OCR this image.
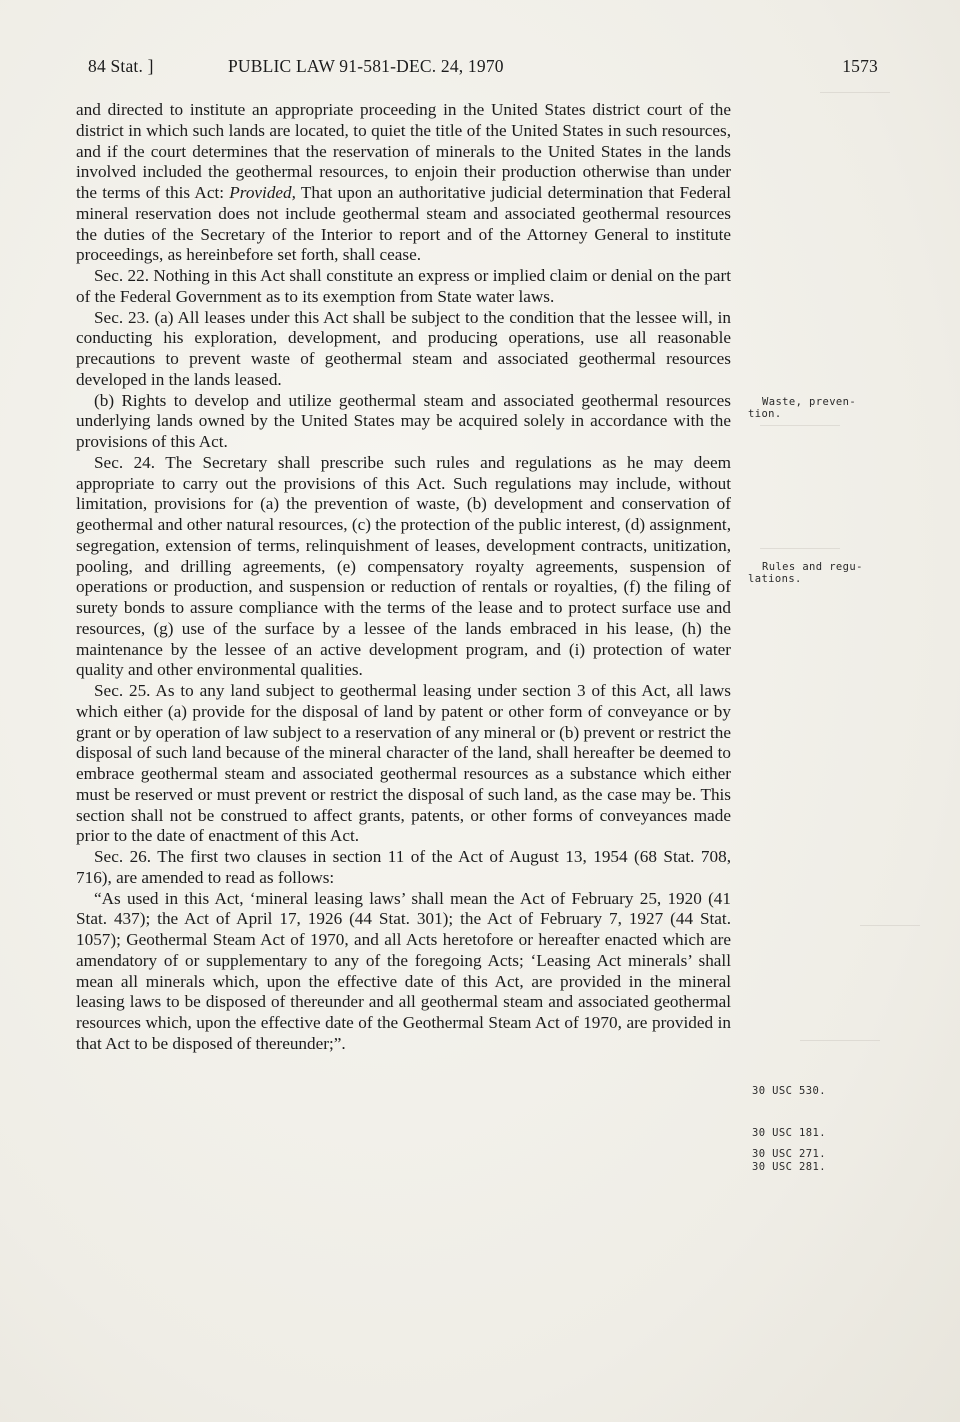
84 Stat. ]	PUBLIC LAW 91-581-DEC. 24, 1970	1573

and directed to institute an appropriate proceeding in the United States district court of the district in which such lands are located, to quiet the title of the United States in such resources, and if the court determines that the reservation of minerals to the United States in the lands involved included the geothermal resources, to enjoin their production otherwise than under the terms of this Act: Provided, That upon an authoritative judicial determination that Federal mineral reservation does not include geothermal steam and associated geothermal resources the duties of the Secretary of the Interior to report and of the Attorney General to institute proceedings, as hereinbefore set forth, shall cease.

Sec. 22. Nothing in this Act shall constitute an express or implied claim or denial on the part of the Federal Government as to its exemption from State water laws.

Sec. 23. (a) All leases under this Act shall be subject to the condition that the lessee will, in conducting his exploration, development, and producing operations, use all reasonable precautions to prevent waste of geothermal steam and associated geothermal resources developed in the lands leased.

(b) Rights to develop and utilize geothermal steam and associated geothermal resources underlying lands owned by the United States may be acquired solely in accordance with the provisions of this Act.

Sec. 24. The Secretary shall prescribe such rules and regulations as he may deem appropriate to carry out the provisions of this Act. Such regulations may include, without limitation, provisions for (a) the prevention of waste, (b) development and conservation of geothermal and other natural resources, (c) the protection of the public interest, (d) assignment, segregation, extension of terms, relinquishment of leases, development contracts, unitization, pooling, and drilling agreements, (e) compensatory royalty agreements, suspension of operations or production, and suspension or reduction of rentals or royalties, (f) the filing of surety bonds to assure compliance with the terms of the lease and to protect surface use and resources, (g) use of the surface by a lessee of the lands embraced in his lease, (h) the maintenance by the lessee of an active development program, and (i) protection of water quality and other environmental qualities.

Sec. 25. As to any land subject to geothermal leasing under section 3 of this Act, all laws which either (a) provide for the disposal of land by patent or other form of conveyance or by grant or by operation of law subject to a reservation of any mineral or (b) prevent or restrict the disposal of such land because of the mineral character of the land, shall hereafter be deemed to embrace geothermal steam and associated geothermal resources as a substance which either must be reserved or must prevent or restrict the disposal of such land, as the case may be. This section shall not be construed to affect grants, patents, or other forms of conveyances made prior to the date of enactment of this Act.

Sec. 26. The first two clauses in section 11 of the Act of August 13, 1954 (68 Stat. 708, 716), are amended to read as follows:

“As used in this Act, ‘mineral leasing laws’ shall mean the Act of February 25, 1920 (41 Stat. 437); the Act of April 17, 1926 (44 Stat. 301); the Act of February 7, 1927 (44 Stat. 1057); Geothermal Steam Act of 1970, and all Acts heretofore or hereafter enacted which are amendatory of or supplementary to any of the foregoing Acts; ‘Leasing Act minerals’ shall mean all minerals which, upon the effective date of this Act, are provided in the mineral leasing laws to be disposed of thereunder and all geothermal steam and associated geothermal resources which, upon the effective date of the Geothermal Steam Act of 1970, are provided in that Act to be disposed of thereunder;”.

Waste, preven-
tion.
Rules and regu-
lations.
30 USC 530.
30 USC 181.
30 USC 271.
30 USC 281.
